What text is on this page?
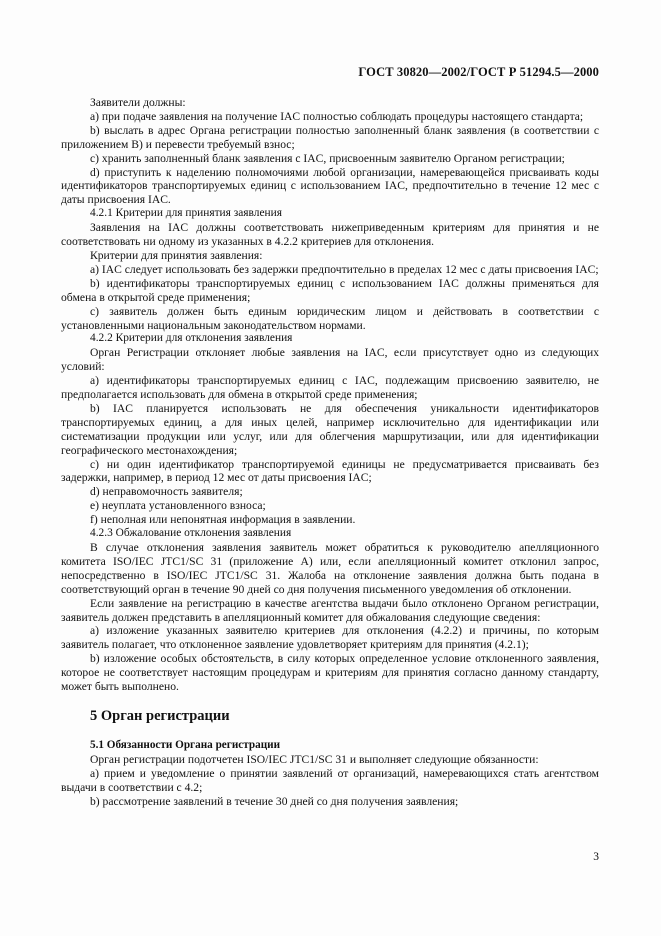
ГОСТ 30820—2002/ГОСТ Р 51294.5—2000

Заявители должны:

а) при подаче заявления на получение IAC полностью соблюдать процедуры настоящего стандарта;

b) выслать в адрес Органа регистрации полностью заполненный бланк заявления (в соответствии с приложением В) и перевести требуемый взнос;

с) хранить заполненный бланк заявления с IAC, присвоенным заявителю Органом регистрации;

d) приступить к наделению полномочиями любой организации, намеревающейся присваивать коды идентификаторов транспортируемых единиц с использованием IAC, предпочтительно в течение 12 мес с даты присвоения IAC.

4.2.1 Критерии для принятия заявления

Заявления на IAC должны соответствовать нижеприведенным критериям для принятия и не соответствовать ни одному из указанных в 4.2.2 критериев для отклонения.

Критерии для принятия заявления:

а) IAC следует использовать без задержки предпочтительно в пределах 12 мес с даты присвоения IAC;

b) идентификаторы транспортируемых единиц с использованием IAC должны применяться для обмена в открытой среде применения;

с) заявитель должен быть единым юридическим лицом и действовать в соответствии с установленными национальным законодательством нормами.

4.2.2 Критерии для отклонения заявления

Орган Регистрации отклоняет любые заявления на IAC, если присутствует одно из следующих условий:

а) идентификаторы транспортируемых единиц с IAC, подлежащим присвоению заявителю, не предполагается использовать для обмена в открытой среде применения;

b) IAC планируется использовать не для обеспечения уникальности идентификаторов транспортируемых единиц, а для иных целей, например исключительно для идентификации или систематизации продукции или услуг, или для облегчения маршрутизации, или для идентификации географического местонахождения;

с) ни один идентификатор транспортируемой единицы не предусматривается присваивать без задержки, например, в период 12 мес от даты присвоения IAC;

d) неправомочность заявителя;

е) неуплата установленного взноса;

f) неполная или непонятная информация в заявлении.

4.2.3 Обжалование отклонения заявления

В случае отклонения заявления заявитель может обратиться к руководителю апелляционного комитета ISO/IEC JTC1/SC 31 (приложение А) или, если апелляционный комитет отклонил запрос, непосредственно в ISO/IEC JTC1/SC 31. Жалоба на отклонение заявления должна быть подана в соответствующий орган в течение 90 дней со дня получения письменного уведомления об отклонении.

Если заявление на регистрацию в качестве агентства выдачи было отклонено Органом регистрации, заявитель должен представить в апелляционный комитет для обжалования следующие сведения:

а) изложение указанных заявителю критериев для отклонения (4.2.2) и причины, по которым заявитель полагает, что отклоненное заявление удовлетворяет критериям для принятия (4.2.1);

b) изложение особых обстоятельств, в силу которых определенное условие отклоненного заявления, которое не соответствует настоящим процедурам и критериям для принятия согласно данному стандарту, может быть выполнено.

5 Орган регистрации

5.1 Обязанности Органа регистрации

Орган регистрации подотчетен ISO/IEC JTC1/SC 31 и выполняет следующие обязанности:

а) прием и уведомление о принятии заявлений от организаций, намеревающихся стать агентством выдачи в соответствии с 4.2;

b) рассмотрение заявлений в течение 30 дней со дня получения заявления;

3
